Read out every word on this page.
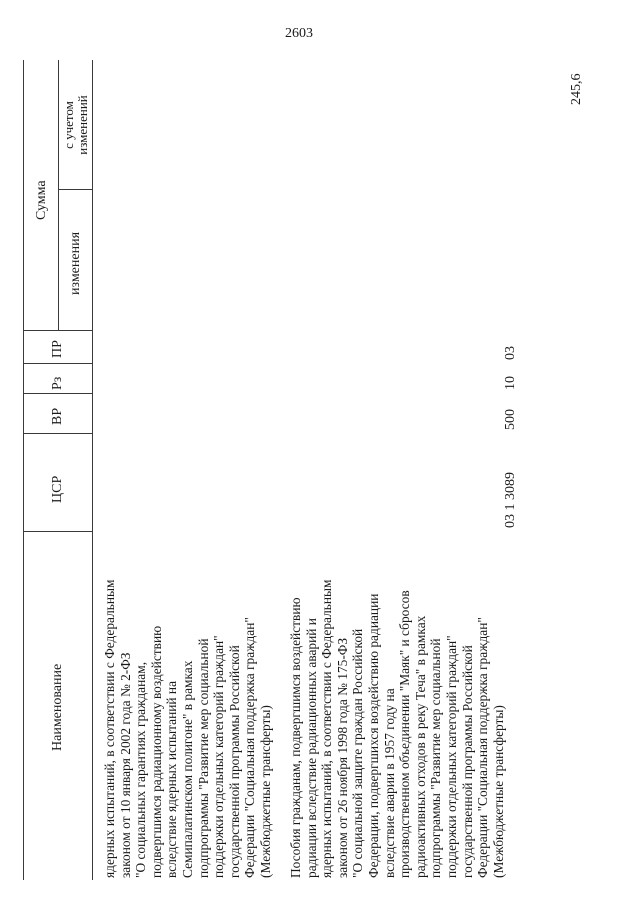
2603
Наименование
ЦСР
ВР
Рз
ПР
Сумма
изменения
с учетом
изменений
ядерных испытаний, в соответствии с Федеральным законом от 10 января 2002 года № 2-ФЗ "О социальных гарантиях гражданам, подвергшимся радиационному воздействию вследствие ядерных испытаний на Семипалатинском полигоне" в рамках подпрограммы "Развитие мер социальной поддержки отдельных категорий граждан" государственной программы Российской Федерации "Социальная поддержка граждан" (Межбюджетные трансферты) Пособия гражданам, подвергшимся воздействию радиации вследствие радиационных аварий и ядерных испытаний, в соответствии с Федеральным законом от 26 ноября 1998 года № 175-ФЗ "О социальной защите граждан Российской Федерации, подвергшихся воздействию радиации вследствие аварии в 1957 году на производственном объединении "Маяк" и сбросов радиоактивных отходов в реку Теча" в рамках подпрограммы "Развитие мер социальной поддержки отдельных категорий граждан" государственной программы Российской Федерации "Социальная поддержка граждан" (Межбюджетные трансферты)
03 1 3089
500
10
03
245,6
